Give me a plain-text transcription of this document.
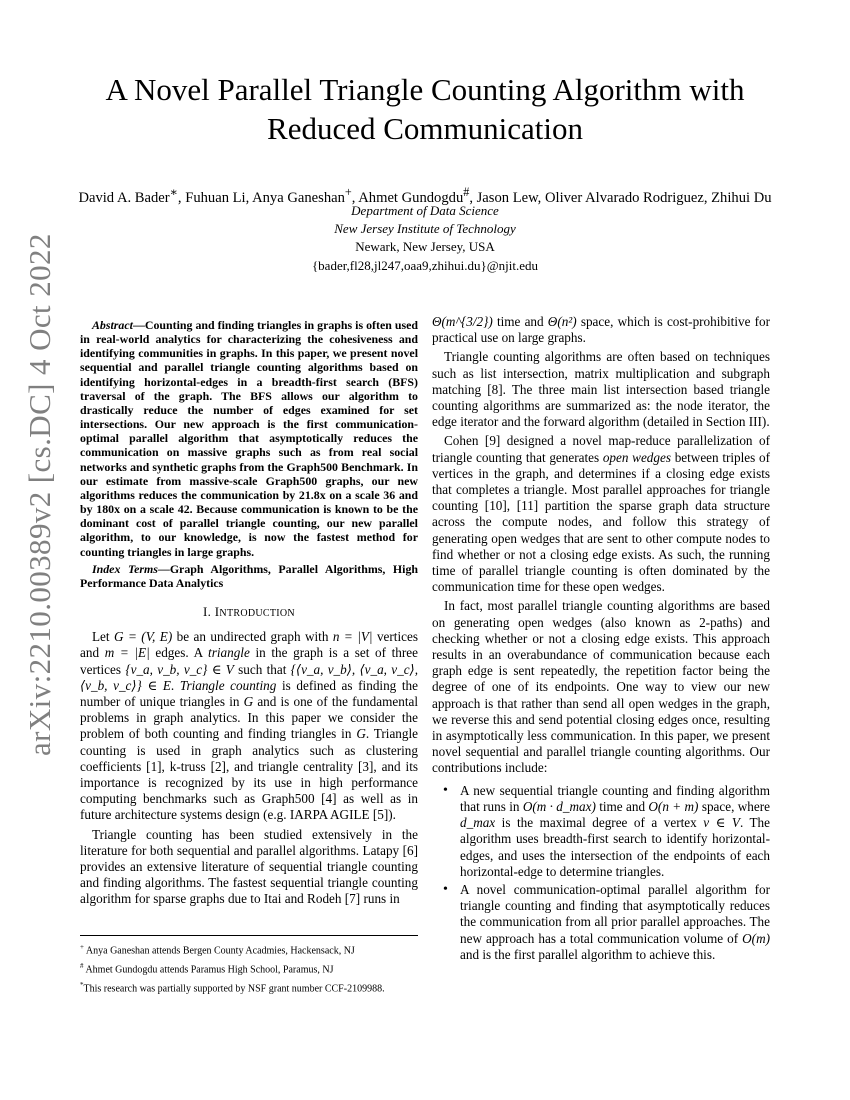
arXiv:2210.00389v2 [cs.DC] 4 Oct 2022
A Novel Parallel Triangle Counting Algorithm with Reduced Communication
David A. Bader∗, Fuhuan Li, Anya Ganeshan+, Ahmet Gundogdu#, Jason Lew, Oliver Alvarado Rodriguez, Zhihui Du
Department of Data Science
New Jersey Institute of Technology
Newark, New Jersey, USA
{bader,fl28,jl247,oaa9,zhihui.du}@njit.edu

Abstract—Counting and finding triangles in graphs is often used in real-world analytics for characterizing the cohesiveness and identifying communities in graphs. In this paper, we present novel sequential and parallel triangle counting algorithms based on identifying horizontal-edges in a breadth-first search (BFS) traversal of the graph. The BFS allows our algorithm to drastically reduce the number of edges examined for set intersections. Our new approach is the first communication-optimal parallel algorithm that asymptotically reduces the communication on massive graphs such as from real social networks and synthetic graphs from the Graph500 Benchmark. In our estimate from massive-scale Graph500 graphs, our new algorithms reduces the communication by 21.8x on a scale 36 and by 180x on a scale 42. Because communication is known to be the dominant cost of parallel triangle counting, our new parallel algorithm, to our knowledge, is now the fastest method for counting triangles in large graphs.

Index Terms—Graph Algorithms, Parallel Algorithms, High Performance Data Analytics

I. INTRODUCTION

Let G = (V, E) be an undirected graph with n = |V| vertices and m = |E| edges. A triangle in the graph is a set of three vertices {v_a, v_b, v_c} ∈ V such that {⟨v_a, v_b⟩, ⟨v_a, v_c⟩, ⟨v_b, v_c⟩} ∈ E. Triangle counting is defined as finding the number of unique triangles in G and is one of the fundamental problems in graph analytics. In this paper we consider the problem of both counting and finding triangles in G. Triangle counting is used in graph analytics such as clustering coefficients [1], k-truss [2], and triangle centrality [3], and its importance is recognized by its use in high performance computing benchmarks such as Graph500 [4] as well as in future architecture systems design (e.g. IARPA AGILE [5]).

Triangle counting has been studied extensively in the literature for both sequential and parallel algorithms. Latapy [6] provides an extensive literature of sequential triangle counting and finding algorithms. The fastest sequential triangle counting algorithm for sparse graphs due to Itai and Rodeh [7] runs in

+ Anya Ganeshan attends Bergen County Acadmies, Hackensack, NJ

# Ahmet Gundogdu attends Paramus High School, Paramus, NJ

*This research was partially supported by NSF grant number CCF-2109988.

Θ(m^{3/2}) time and Θ(n²) space, which is cost-prohibitive for practical use on large graphs.

Triangle counting algorithms are often based on techniques such as list intersection, matrix multiplication and subgraph matching [8]. The three main list intersection based triangle counting algorithms are summarized as: the node iterator, the edge iterator and the forward algorithm (detailed in Section III).

Cohen [9] designed a novel map-reduce parallelization of triangle counting that generates open wedges between triples of vertices in the graph, and determines if a closing edge exists that completes a triangle. Most parallel approaches for triangle counting [10], [11] partition the sparse graph data structure across the compute nodes, and follow this strategy of generating open wedges that are sent to other compute nodes to find whether or not a closing edge exists. As such, the running time of parallel triangle counting is often dominated by the communication time for these open wedges.

In fact, most parallel triangle counting algorithms are based on generating open wedges (also known as 2-paths) and checking whether or not a closing edge exists. This approach results in an overabundance of communication because each graph edge is sent repeatedly, the repetition factor being the degree of one of its endpoints. One way to view our new approach is that rather than send all open wedges in the graph, we reverse this and send potential closing edges once, resulting in asymptotically less communication. In this paper, we present novel sequential and parallel triangle counting algorithms. Our contributions include:

• A new sequential triangle counting and finding algorithm that runs in O(m · d_max) time and O(n + m) space, where d_max is the maximal degree of a vertex v ∈ V. The algorithm uses breadth-first search to identify horizontal-edges, and uses the intersection of the endpoints of each horizontal-edge to determine triangles.
• A novel communication-optimal parallel algorithm for triangle counting and finding that asymptotically reduces the communication from all prior parallel approaches. The new approach has a total communication volume of O(m) and is the first parallel algorithm to achieve this.
